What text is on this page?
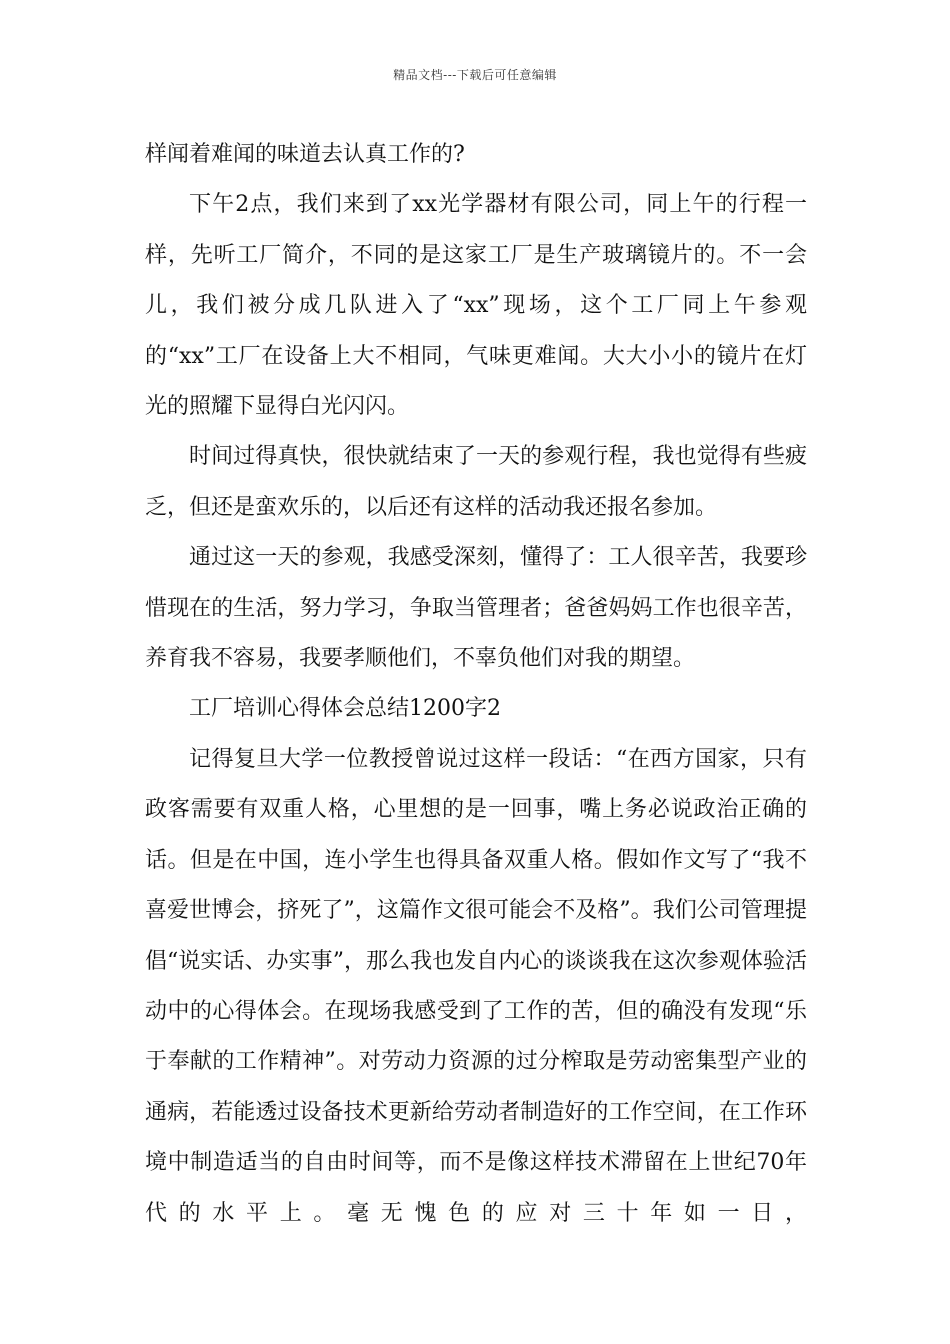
精品文档---下载后可任意编辑

样闻着难闻的味道去认真工作的?

下午2点，我们来到了xx光学器材有限公司，同上午的行程一样，先听工厂简介，不同的是这家工厂是生产玻璃镜片的。不一会儿，我们被分成几队进入了“xx”现场，这个工厂同上午参观的“xx”工厂在设备上大不相同，气味更难闻。大大小小的镜片在灯光的照耀下显得白光闪闪。

时间过得真快，很快就结束了一天的参观行程，我也觉得有些疲乏，但还是蛮欢乐的，以后还有这样的活动我还报名参加。

通过这一天的参观，我感受深刻，懂得了：工人很辛苦，我要珍惜现在的生活，努力学习，争取当管理者；爸爸妈妈工作也很辛苦，养育我不容易，我要孝顺他们，不辜负他们对我的期望。

工厂培训心得体会总结1200字2

记得复旦大学一位教授曾说过这样一段话：“在西方国家，只有政客需要有双重人格，心里想的是一回事，嘴上务必说政治正确的话。但是在中国，连小学生也得具备双重人格。假如作文写了“我不喜爱世博会，挤死了”，这篇作文很可能会不及格”。我们公司管理提倡“说实话、办实事”，那么我也发自内心的谈谈我在这次参观体验活动中的心得体会。在现场我感受到了工作的苦，但的确没有发现“乐于奉献的工作精神”。对劳动力资源的过分榨取是劳动密集型产业的通病，若能透过设备技术更新给劳动者制造好的工作空间，在工作环境中制造适当的自由时间等，而不是像这样技术滞留在上世纪70年代的水平上。毫无愧色的应对三十年如一日，
